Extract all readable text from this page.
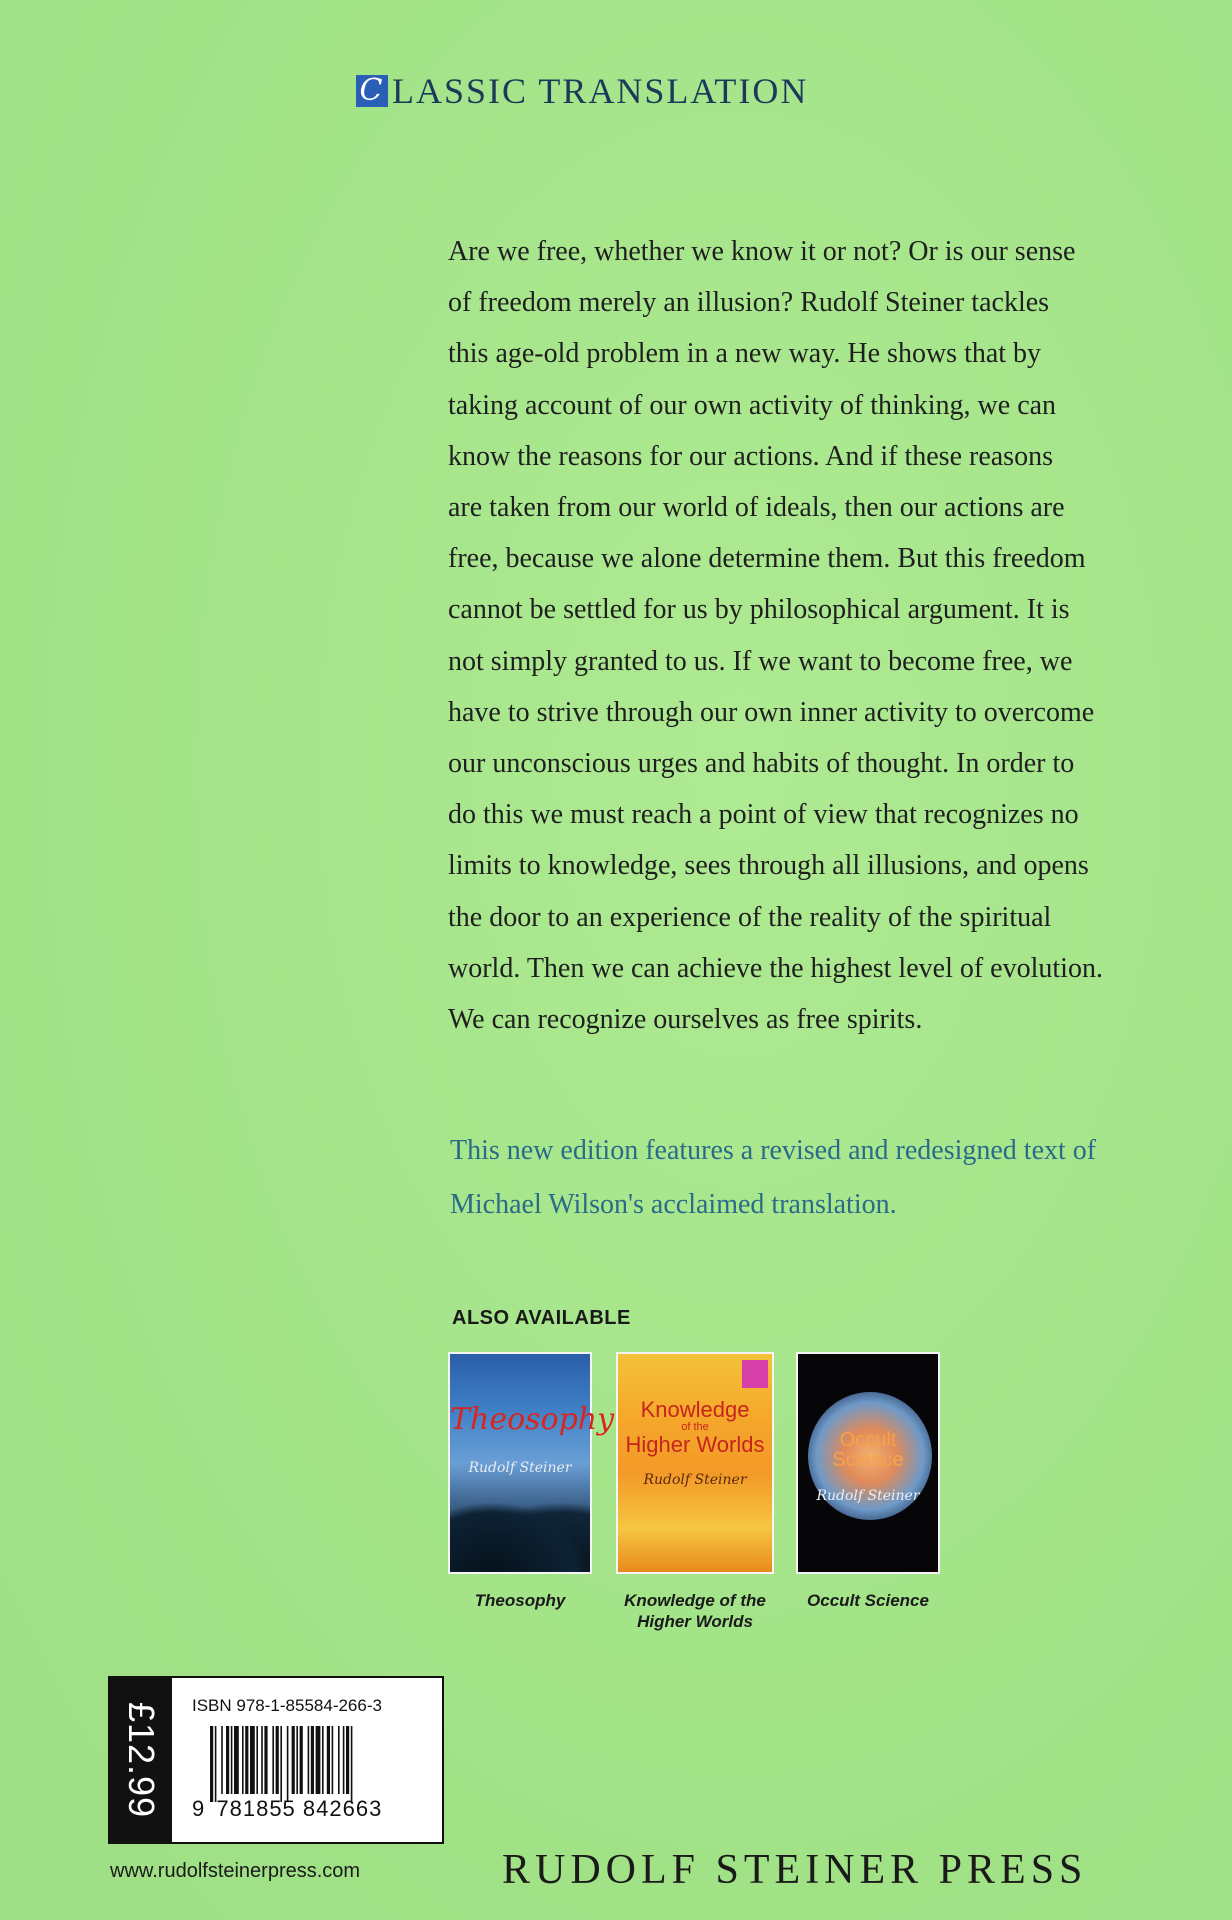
C LASSIC TRANSLATION

Are we free, whether we know it or not? Or is our sense

of freedom merely an illusion? Rudolf Steiner tackles

this age-old problem in a new way. He shows that by

taking account of our own activity of thinking, we can

know the reasons for our actions. And if these reasons

are taken from our world of ideals, then our actions are

free, because we alone determine them. But this freedom

cannot be settled for us by philosophical argument. It is

not simply granted to us. If we want to become free, we

have to strive through our own inner activity to overcome

our unconscious urges and habits of thought. In order to

do this we must reach a point of view that recognizes no

limits to knowledge, sees through all illusions, and opens

the door to an experience of the reality of the spiritual

world. Then we can achieve the highest level of evolution.

We can recognize ourselves as free spirits.

This new edition features a revised and redesigned text of

Michael Wilson's acclaimed translation.

ALSO AVAILABLE
Theosophy
Rudolf Steiner
Knowledge
of the
Higher Worlds
Rudolf Steiner
Occult
Science
Rudolf Steiner
Theosophy	Knowledge of the
Higher Worlds
Occult Science
£12.99 ISBN 978-1-85584-266-3
9 781855 842663
www.rudolfsteinerpress.com	RUDOLF STEINER PRESS
